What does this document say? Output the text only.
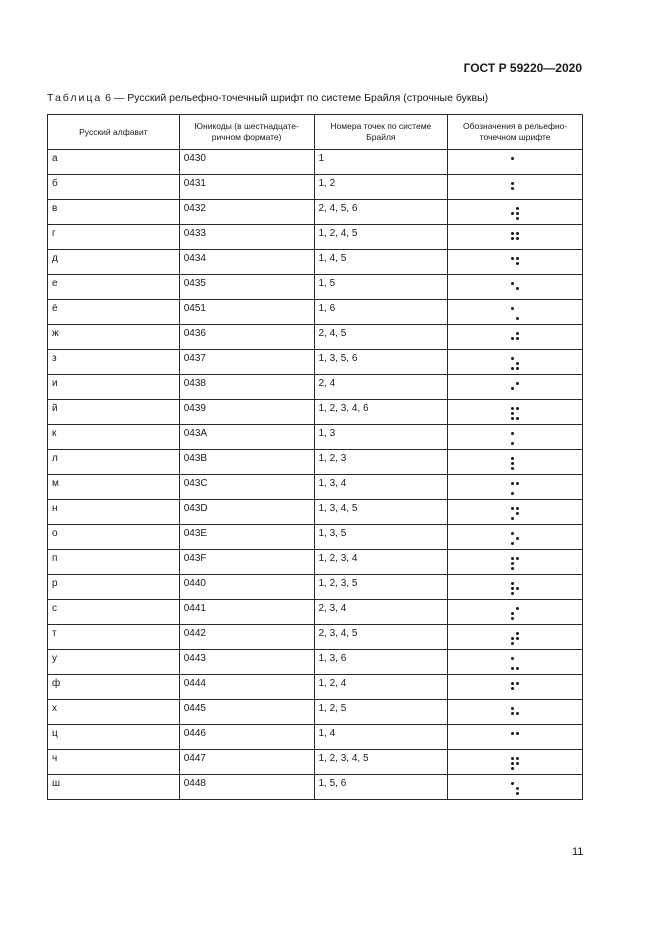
ГОСТ Р 59220—2020
Таблица 6 — Русский рельефно-точечный шрифт по системе Брайля (строчные буквы)
Русский алфавит	Юникоды (в шестнадцате-ричном формате)	Номера точек по системе Брайля	Обозначения в рельефно-точечном шрифте
а	0430	1	

б	0431	1, 2	

в	0432	2, 4, 5, 6	

г	0433	1, 2, 4, 5	

д	0434	1, 4, 5	

е	0435	1, 5	

ё	0451	1, 6	

ж	0436	2, 4, 5	

з	0437	1, 3, 5, 6	

и	0438	2, 4	

й	0439	1, 2, 3, 4, 6	

к	043A	1, 3	

л	043B	1, 2, 3	

м	043C	1, 3, 4	

н	043D	1, 3, 4, 5	

о	043E	1, 3, 5	

п	043F	1, 2, 3, 4	

р	0440	1, 2, 3, 5	

с	0441	2, 3, 4	

т	0442	2, 3, 4, 5	

у	0443	1, 3, 6	

ф	0444	1, 2, 4	

х	0445	1, 2, 5	

ц	0446	1, 4	

ч	0447	1, 2, 3, 4, 5	

ш	0448	1, 5, 6	
11
